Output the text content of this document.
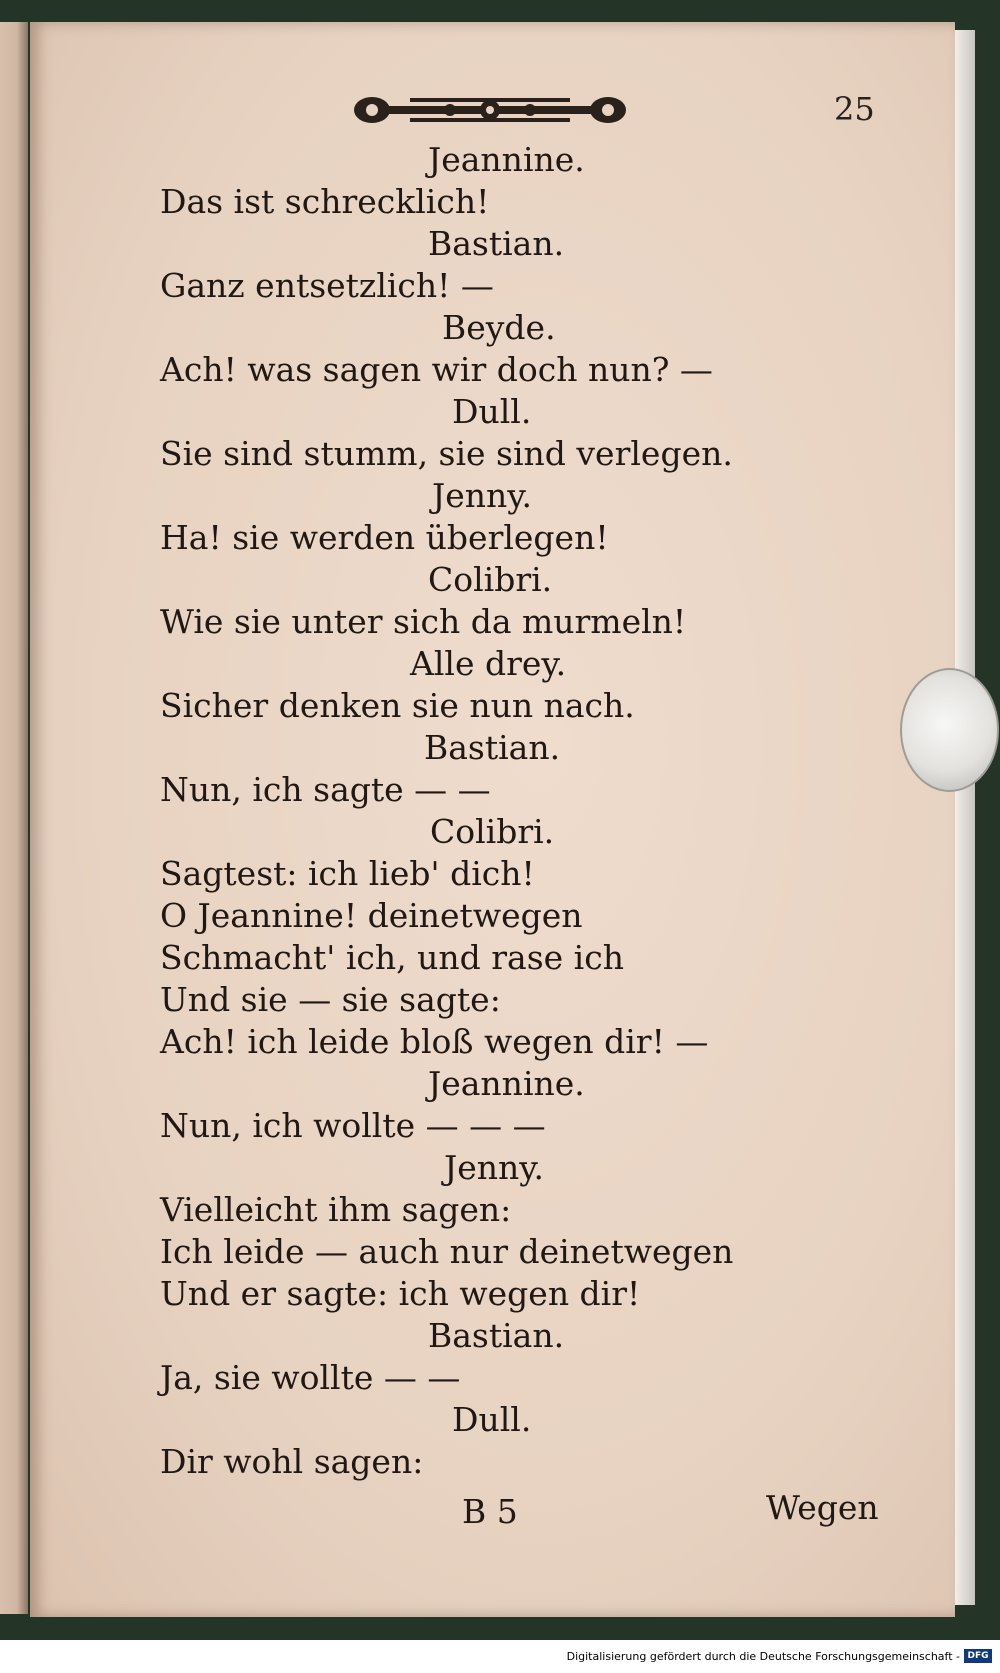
25
Jeannine.
Das ist schrecklich!
Bastian.
Ganz entsetzlich! —
Beyde.
Ach! was sagen wir doch nun? —
Dull.
Sie sind stumm, sie sind verlegen.
Jenny.
Ha! sie werden überlegen!
Colibri.
Wie sie unter sich da murmeln!
Alle drey.
Sicher denken sie nun nach.
Bastian.
Nun, ich sagte — —
Colibri.
Sagtest: ich lieb' dich!
O Jeannine! deinetwegen
Schmacht' ich, und rase ich
Und sie — sie sagte:
Ach! ich leide bloß wegen dir! —
Jeannine.
Nun, ich wollte — — —
Jenny.
Vielleicht ihm sagen:
Ich leide — auch nur deinetwegen
Und er sagte: ich wegen dir!
Bastian.
Ja, sie wollte — —
Dull.
Dir wohl sagen:
B 5	Wegen
Digitalisierung gefördert durch die Deutsche Forschungsgemeinschaft - DFG
